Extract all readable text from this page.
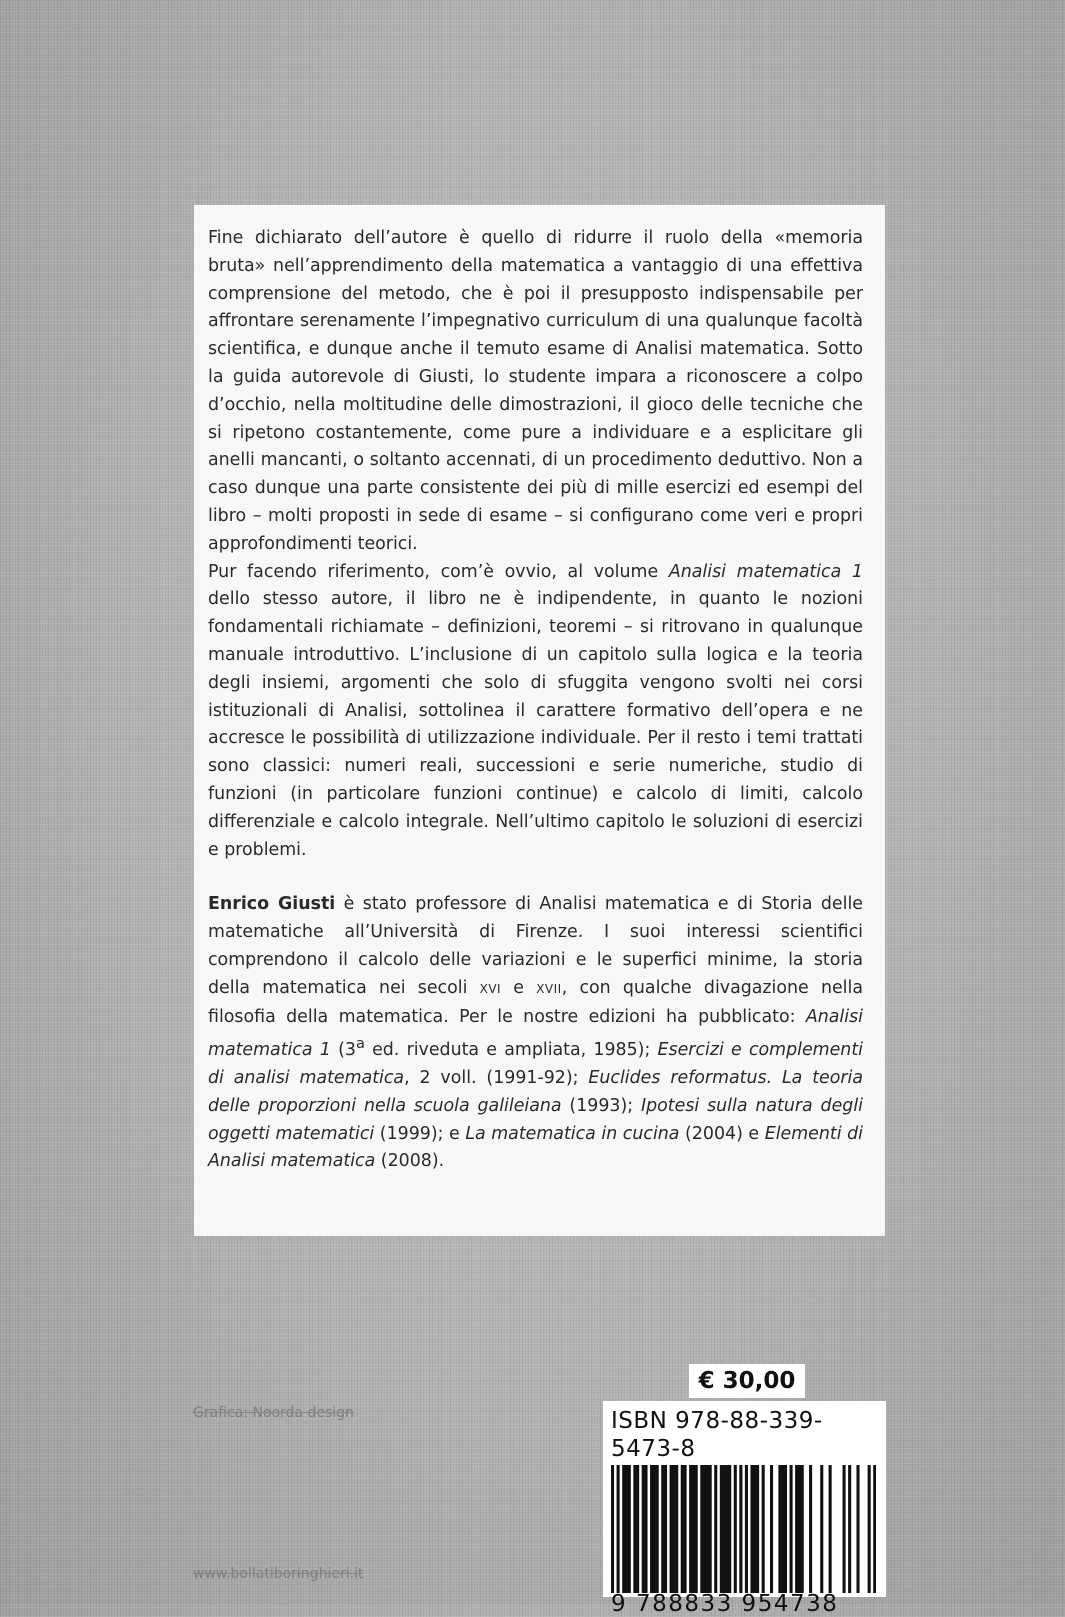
Fine dichiarato dell’autore è quello di ridurre il ruolo della «memoria bruta» nell’apprendimento della matematica a vantaggio di una effettiva comprensione del metodo, che è poi il presupposto indispensabile per affrontare serenamente l’impegnativo curriculum di una qualunque facoltà scientifica, e dunque anche il temuto esame di Analisi matematica. Sotto la guida autorevole di Giusti, lo studente impara a riconoscere a colpo d’occhio, nella moltitudine delle dimostrazioni, il gioco delle tecniche che si ripetono costantemente, come pure a individuare e a esplicitare gli anelli mancanti, o soltanto accennati, di un procedimento deduttivo. Non a caso dunque una parte consistente dei più di mille esercizi ed esempi del libro – molti proposti in sede di esame – si configurano come veri e propri approfondimenti teorici.

Pur facendo riferimento, com’è ovvio, al volume Analisi matematica 1 dello stesso autore, il libro ne è indipendente, in quanto le nozioni fondamentali richiamate – definizioni, teoremi – si ritrovano in qualunque manuale introduttivo. L’inclusione di un capitolo sulla logica e la teoria degli insiemi, argomenti che solo di sfuggita vengono svolti nei corsi istituzionali di Analisi, sottolinea il carattere formativo dell’opera e ne accresce le possibilità di utilizzazione individuale. Per il resto i temi trattati sono classici: numeri reali, successioni e serie numeriche, studio di funzioni (in particolare funzioni continue) e calcolo di limiti, calcolo differenziale e calcolo integrale. Nell’ultimo capitolo le soluzioni di esercizi e problemi.

Enrico Giusti è stato professore di Analisi matematica e di Storia delle matematiche all’Università di Firenze. I suoi interessi scientifici comprendono il calcolo delle variazioni e le superfici minime, la storia della matematica nei secoli XVI e XVII, con qualche divagazione nella filosofia della matematica. Per le nostre edizioni ha pubblicato: Analisi matematica 1 (3$^a$ ed. riveduta e ampliata, 1985); Esercizi e complementi di analisi matematica, 2 voll. (1991-92); Euclides reformatus. La teoria delle proporzioni nella scuola galileiana (1993); Ipotesi sulla natura degli oggetti matematici (1999); e La matematica in cucina (2004) e Elementi di Analisi matematica (2008).

€ 30,00
Grafica: Noorda design	ISBN 978-88-339-5473-8
9 788833 954738
www.bollatiboringhieri.it
